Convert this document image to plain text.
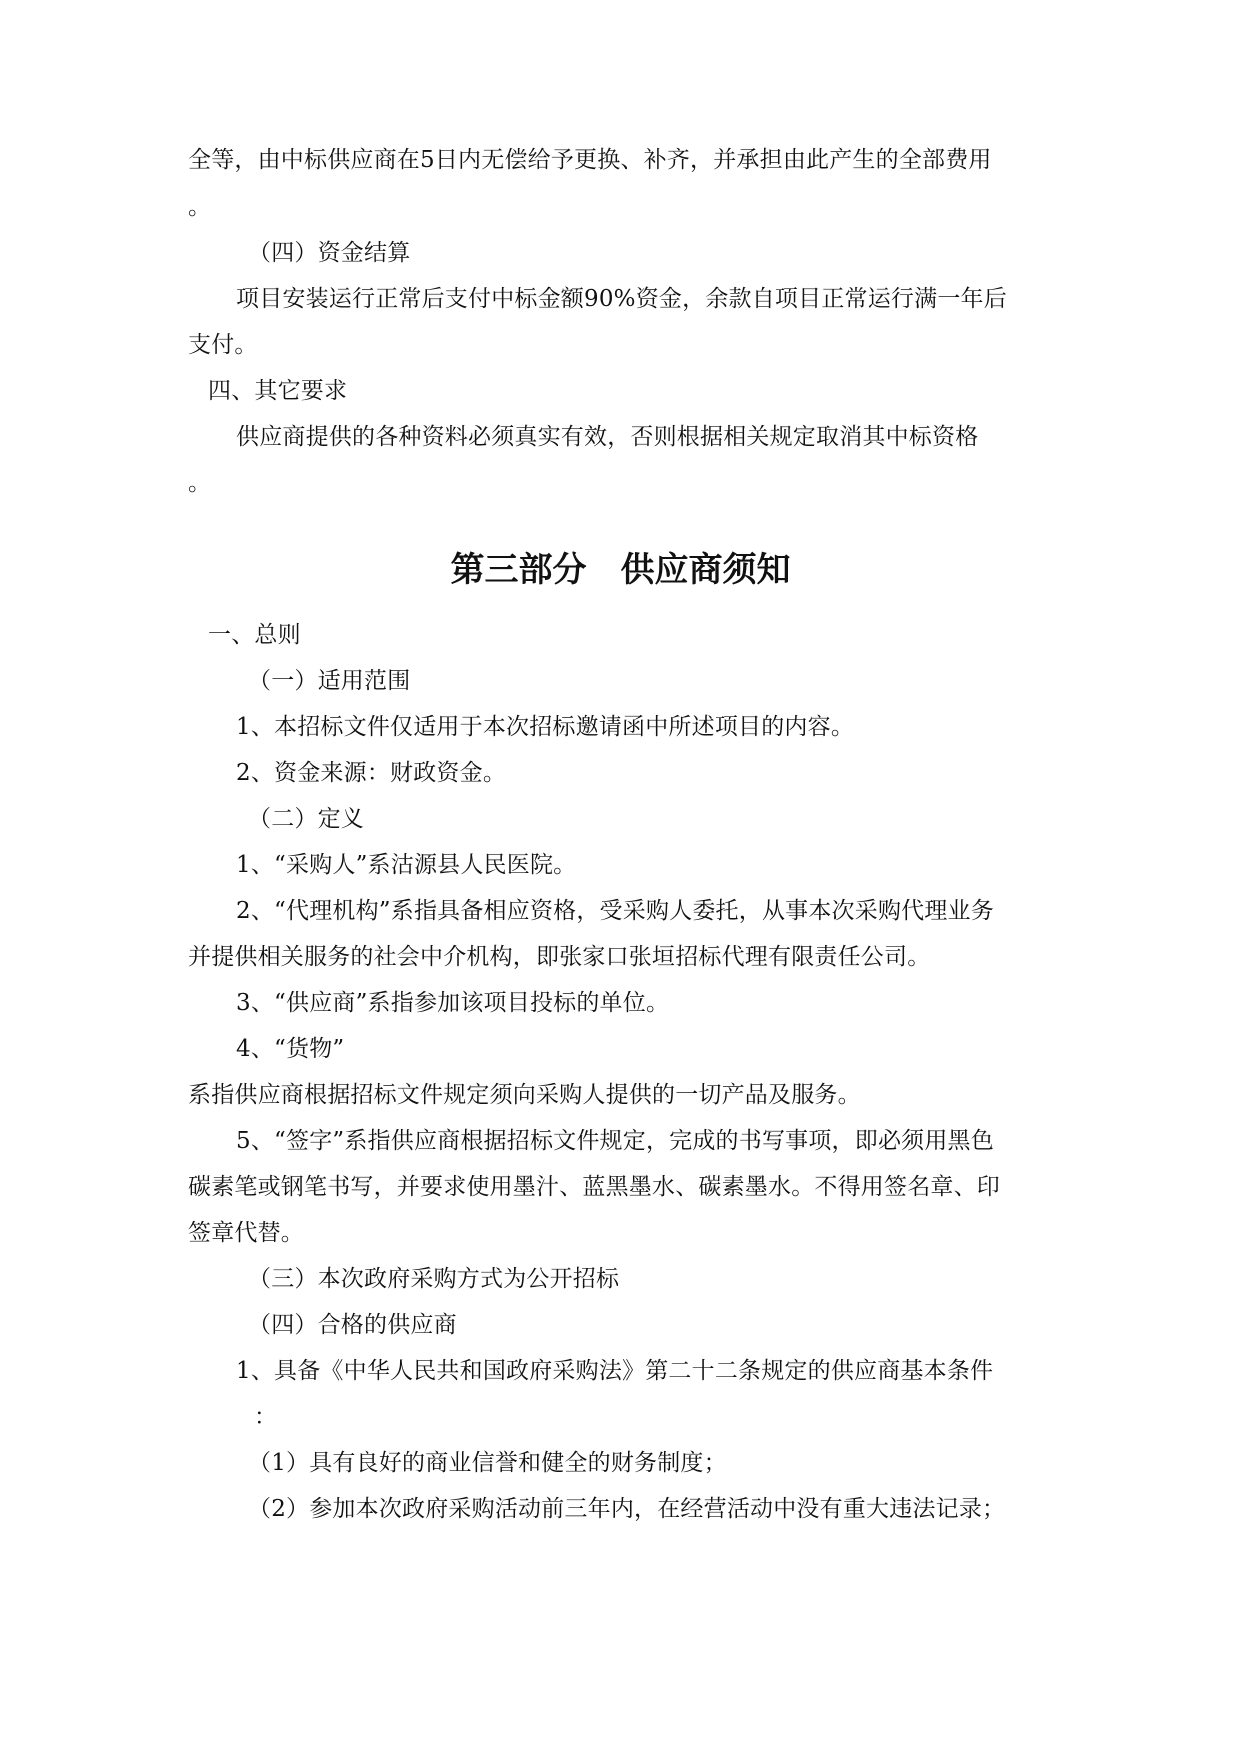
全等，由中标供应商在5日内无偿给予更换、补齐，并承担由此产生的全部费用
。
（四）资金结算
项目安装运行正常后支付中标金额90%资金，余款自项目正常运行满一年后
支付。
四、其它要求
供应商提供的各种资料必须真实有效，否则根据相关规定取消其中标资格
。
第三部分　供应商须知
一、总则
（一）适用范围
1、本招标文件仅适用于本次招标邀请函中所述项目的内容。
2、资金来源：财政资金。
（二）定义
1、“采购人”系沽源县人民医院。
2、“代理机构”系指具备相应资格，受采购人委托，从事本次采购代理业务
并提供相关服务的社会中介机构，即张家口张垣招标代理有限责任公司。
3、“供应商”系指参加该项目投标的单位。
4、“货物”
系指供应商根据招标文件规定须向采购人提供的一切产品及服务。
5、“签字”系指供应商根据招标文件规定，完成的书写事项，即必须用黑色
碳素笔或钢笔书写，并要求使用墨汁、蓝黑墨水、碳素墨水。不得用签名章、印
签章代替。
（三）本次政府采购方式为公开招标
（四）合格的供应商
1、具备《中华人民共和国政府采购法》第二十二条规定的供应商基本条件
：
（1）具有良好的商业信誉和健全的财务制度；
（2）参加本次政府采购活动前三年内，在经营活动中没有重大违法记录；
